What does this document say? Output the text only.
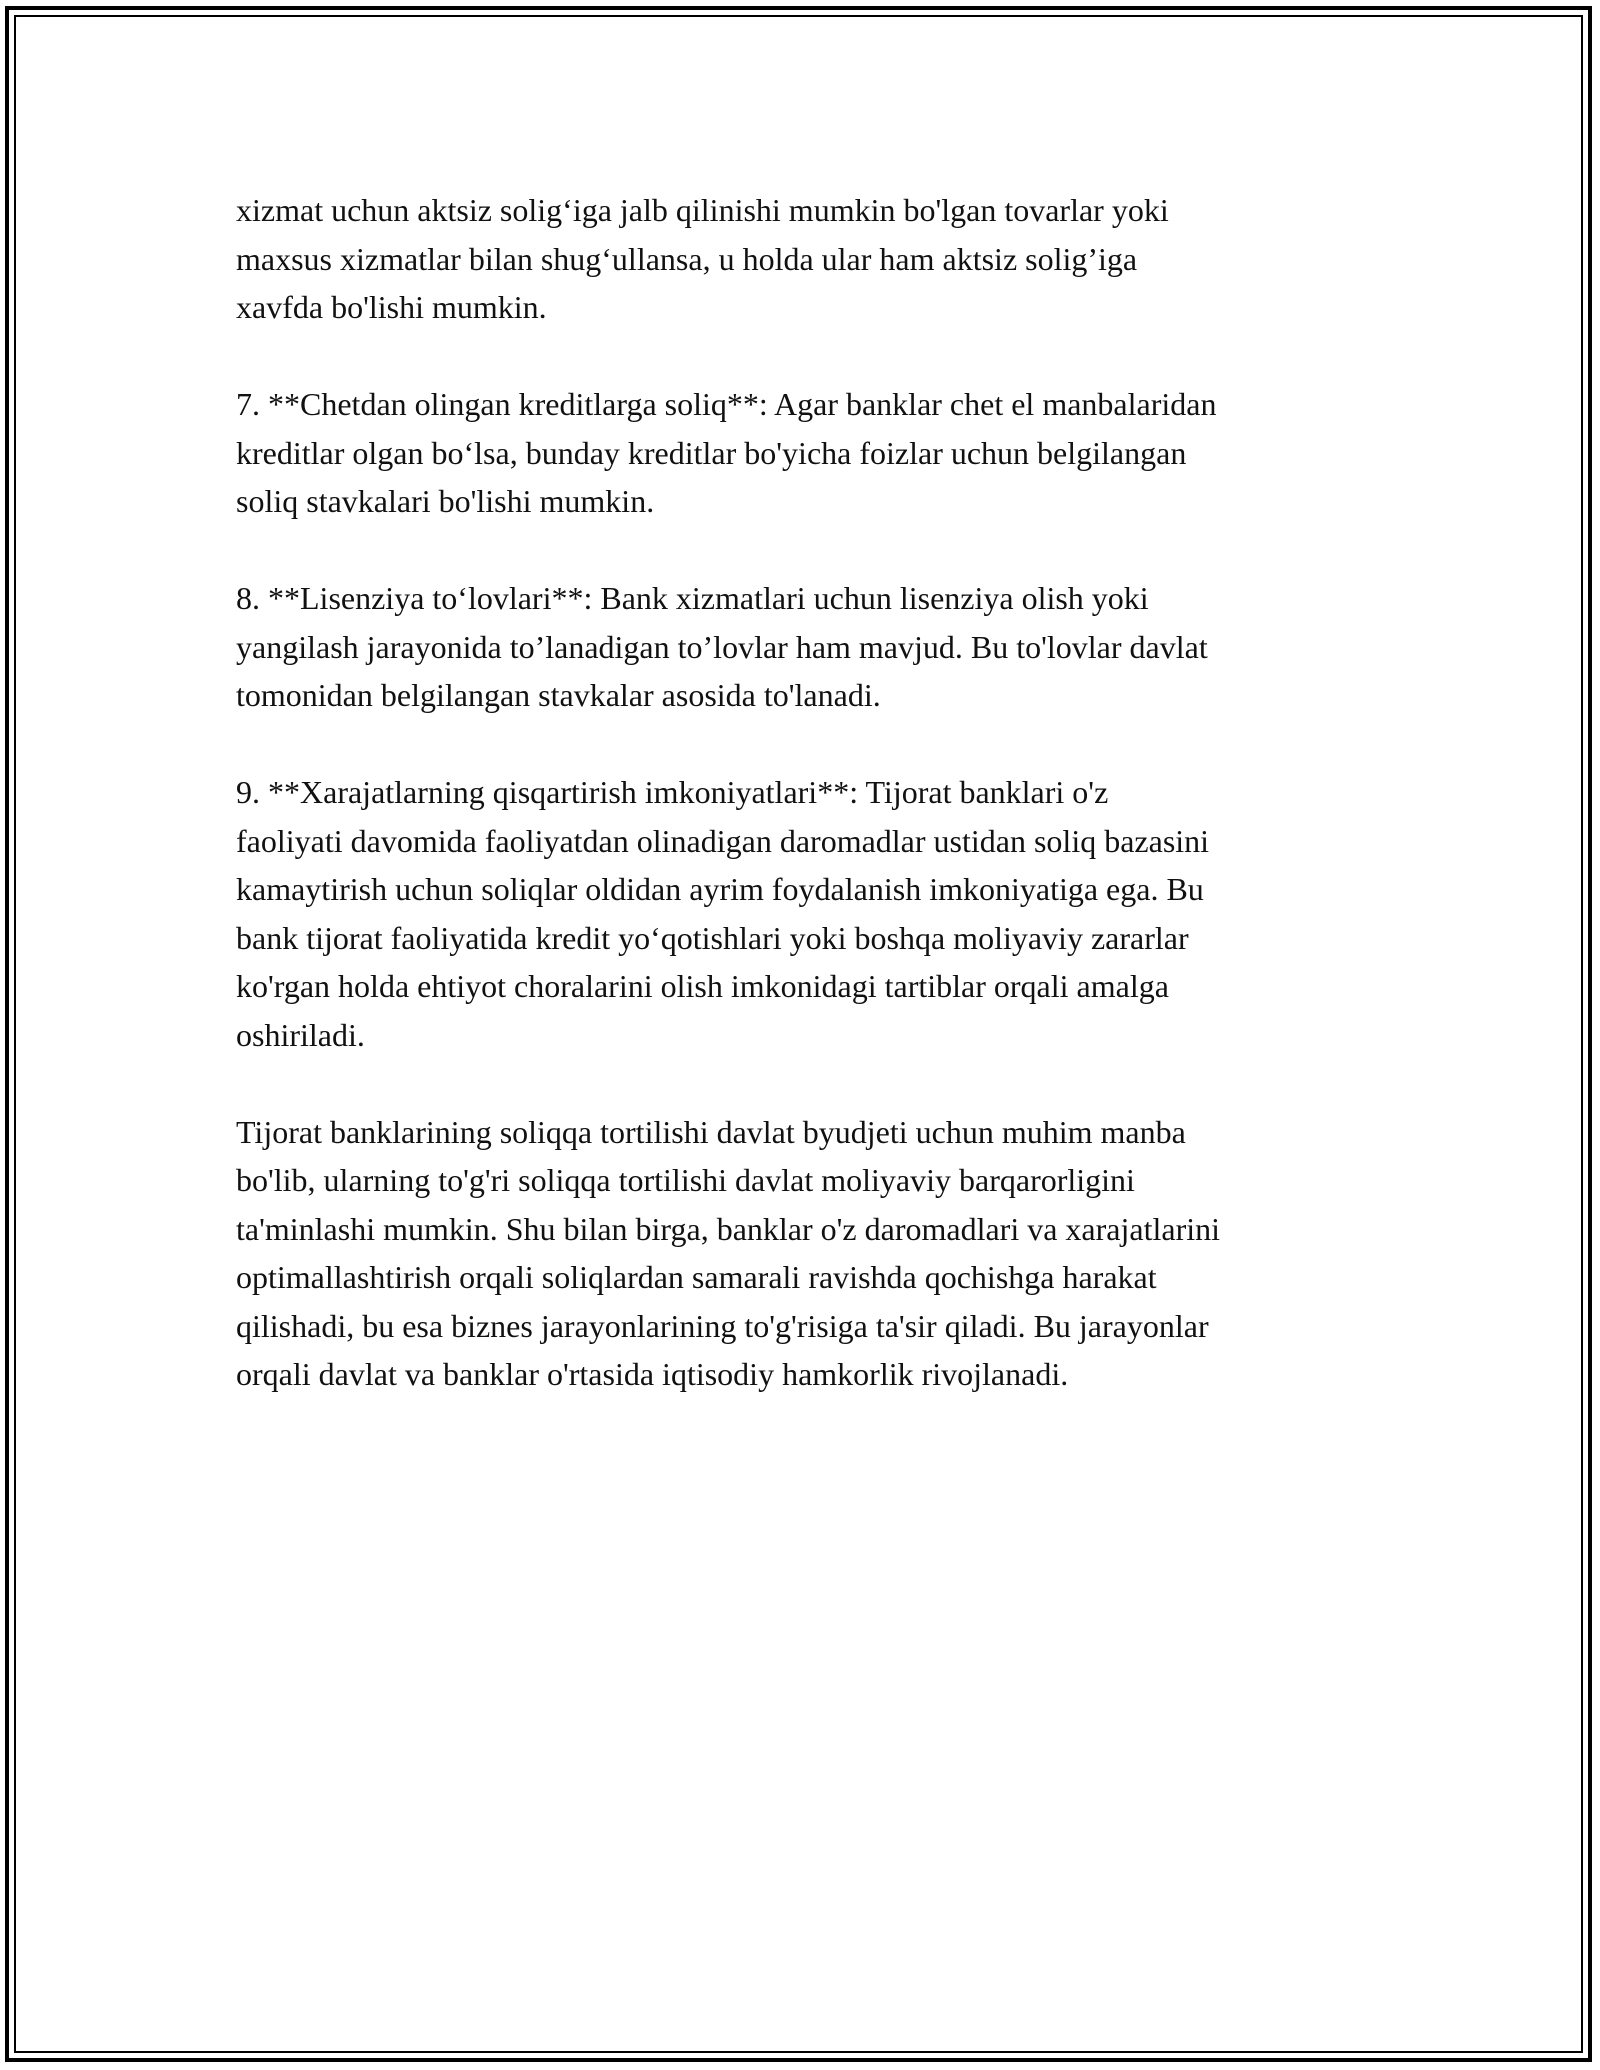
xizmat uchun aktsiz solig‘iga jalb qilinishi mumkin bo'lgan tovarlar yoki
maxsus xizmatlar bilan shug‘ullansa, u holda ular ham aktsiz solig’iga
xavfda bo'lishi mumkin.

7. **Chetdan olingan kreditlarga soliq**: Agar banklar chet el manbalaridan
kreditlar olgan bo‘lsa, bunday kreditlar bo'yicha foizlar uchun belgilangan
soliq stavkalari bo'lishi mumkin.

8. **Lisenziya to‘lovlari**: Bank xizmatlari uchun lisenziya olish yoki
yangilash jarayonida to’lanadigan to’lovlar ham mavjud. Bu to'lovlar davlat
tomonidan belgilangan stavkalar asosida to'lanadi.

9. **Xarajatlarning qisqartirish imkoniyatlari**: Tijorat banklari o'z
faoliyati davomida faoliyatdan olinadigan daromadlar ustidan soliq bazasini
kamaytirish uchun soliqlar oldidan ayrim foydalanish imkoniyatiga ega. Bu
bank tijorat faoliyatida kredit yo‘qotishlari yoki boshqa moliyaviy zararlar
ko'rgan holda ehtiyot choralarini olish imkonidagi tartiblar orqali amalga
oshiriladi.

Tijorat banklarining soliqqa tortilishi davlat byudjeti uchun muhim manba
bo'lib, ularning to'g'ri soliqqa tortilishi davlat moliyaviy barqarorligini
ta'minlashi mumkin. Shu bilan birga, banklar o'z daromadlari va xarajatlarini
optimallashtirish orqali soliqlardan samarali ravishda qochishga harakat
qilishadi, bu esa biznes jarayonlarining to'g'risiga ta'sir qiladi. Bu jarayonlar
orqali davlat va banklar o'rtasida iqtisodiy hamkorlik rivojlanadi.
